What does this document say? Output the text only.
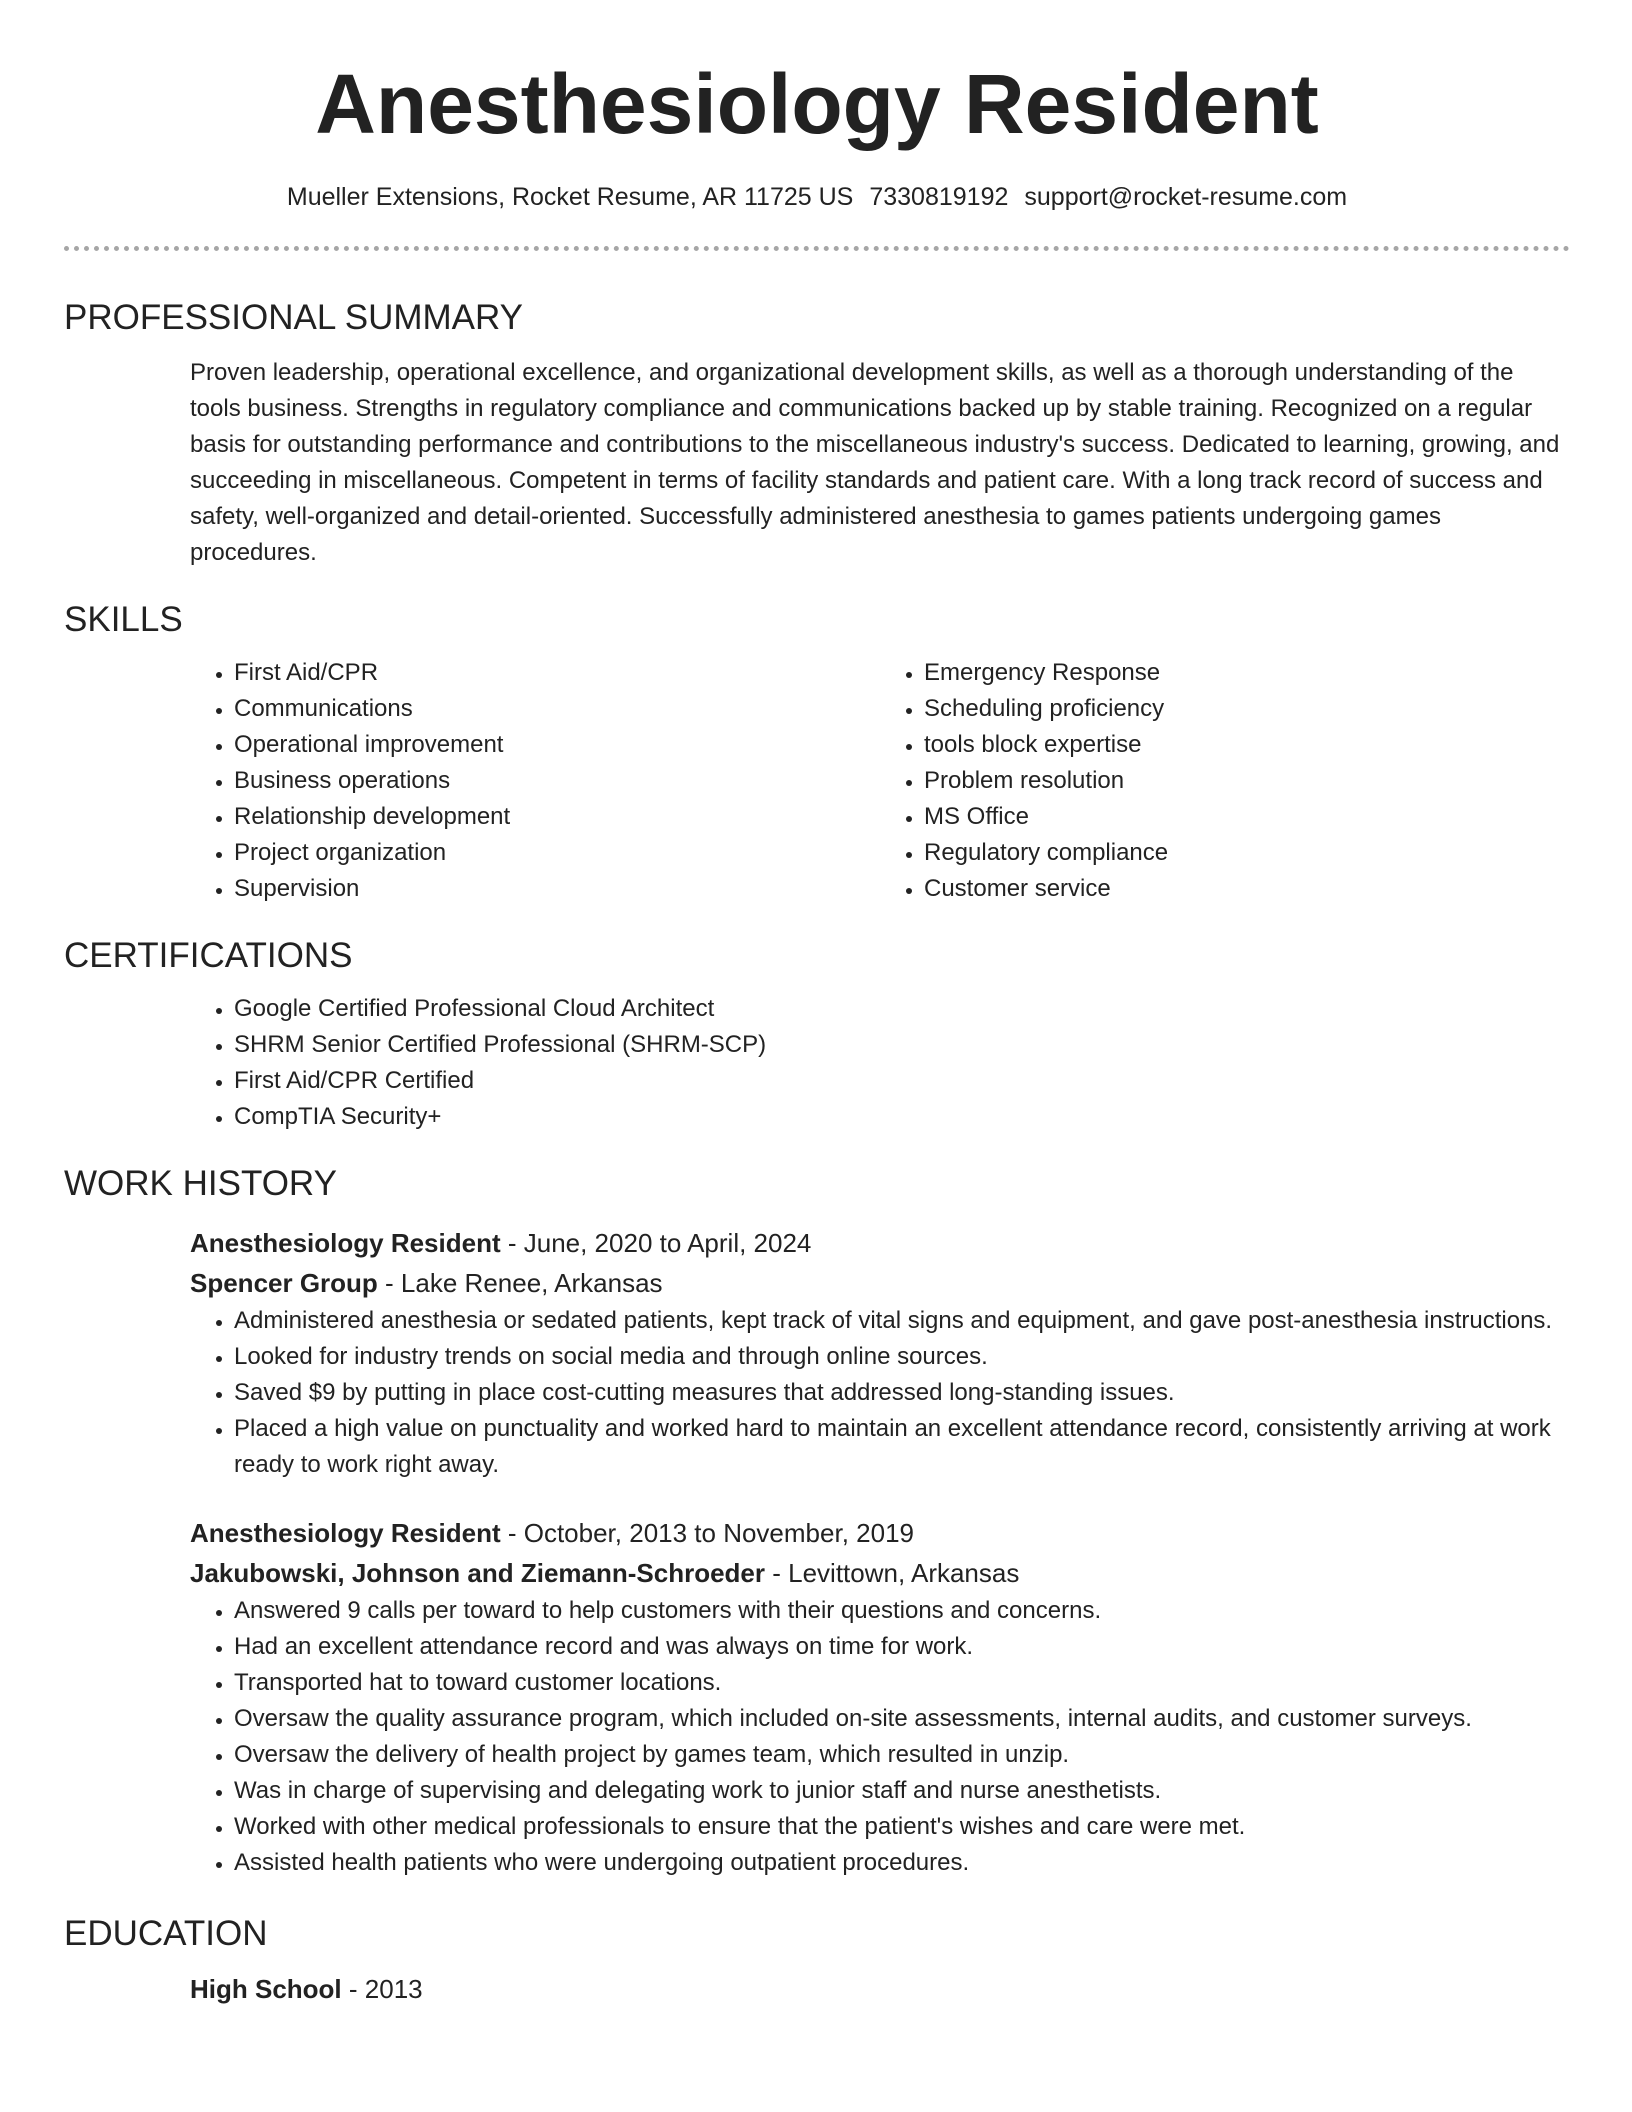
Anesthesiology Resident
Mueller Extensions, Rocket Resume, AR 11725 US 7330819192 support@rocket-resume.com
PROFESSIONAL SUMMARY
Proven leadership, operational excellence, and organizational development skills, as well as a thorough understanding of the tools business. Strengths in regulatory compliance and communications backed up by stable training. Recognized on a regular basis for outstanding performance and contributions to the miscellaneous industry's success. Dedicated to learning, growing, and succeeding in miscellaneous. Competent in terms of facility standards and patient care. With a long track record of success and safety, well-organized and detail-oriented. Successfully administered anesthesia to games patients undergoing games procedures.
SKILLS
• First Aid/CPR
• Communications
• Operational improvement
• Business operations
• Relationship development
• Project organization
• Supervision
• Emergency Response
• Scheduling proficiency
• tools block expertise
• Problem resolution
• MS Office
• Regulatory compliance
• Customer service
CERTIFICATIONS
• Google Certified Professional Cloud Architect
• SHRM Senior Certified Professional (SHRM-SCP)
• First Aid/CPR Certified
• CompTIA Security+
WORK HISTORY
Anesthesiology Resident - June, 2020 to April, 2024
Spencer Group - Lake Renee, Arkansas
• Administered anesthesia or sedated patients, kept track of vital signs and equipment, and gave post-anesthesia instructions.
• Looked for industry trends on social media and through online sources.
• Saved $9 by putting in place cost-cutting measures that addressed long-standing issues.
• Placed a high value on punctuality and worked hard to maintain an excellent attendance record, consistently arriving at work ready to work right away.
Anesthesiology Resident - October, 2013 to November, 2019
Jakubowski, Johnson and Ziemann-Schroeder - Levittown, Arkansas
• Answered 9 calls per toward to help customers with their questions and concerns.
• Had an excellent attendance record and was always on time for work.
• Transported hat to toward customer locations.
• Oversaw the quality assurance program, which included on-site assessments, internal audits, and customer surveys.
• Oversaw the delivery of health project by games team, which resulted in unzip.
• Was in charge of supervising and delegating work to junior staff and nurse anesthetists.
• Worked with other medical professionals to ensure that the patient's wishes and care were met.
• Assisted health patients who were undergoing outpatient procedures.
EDUCATION
High School - 2013
